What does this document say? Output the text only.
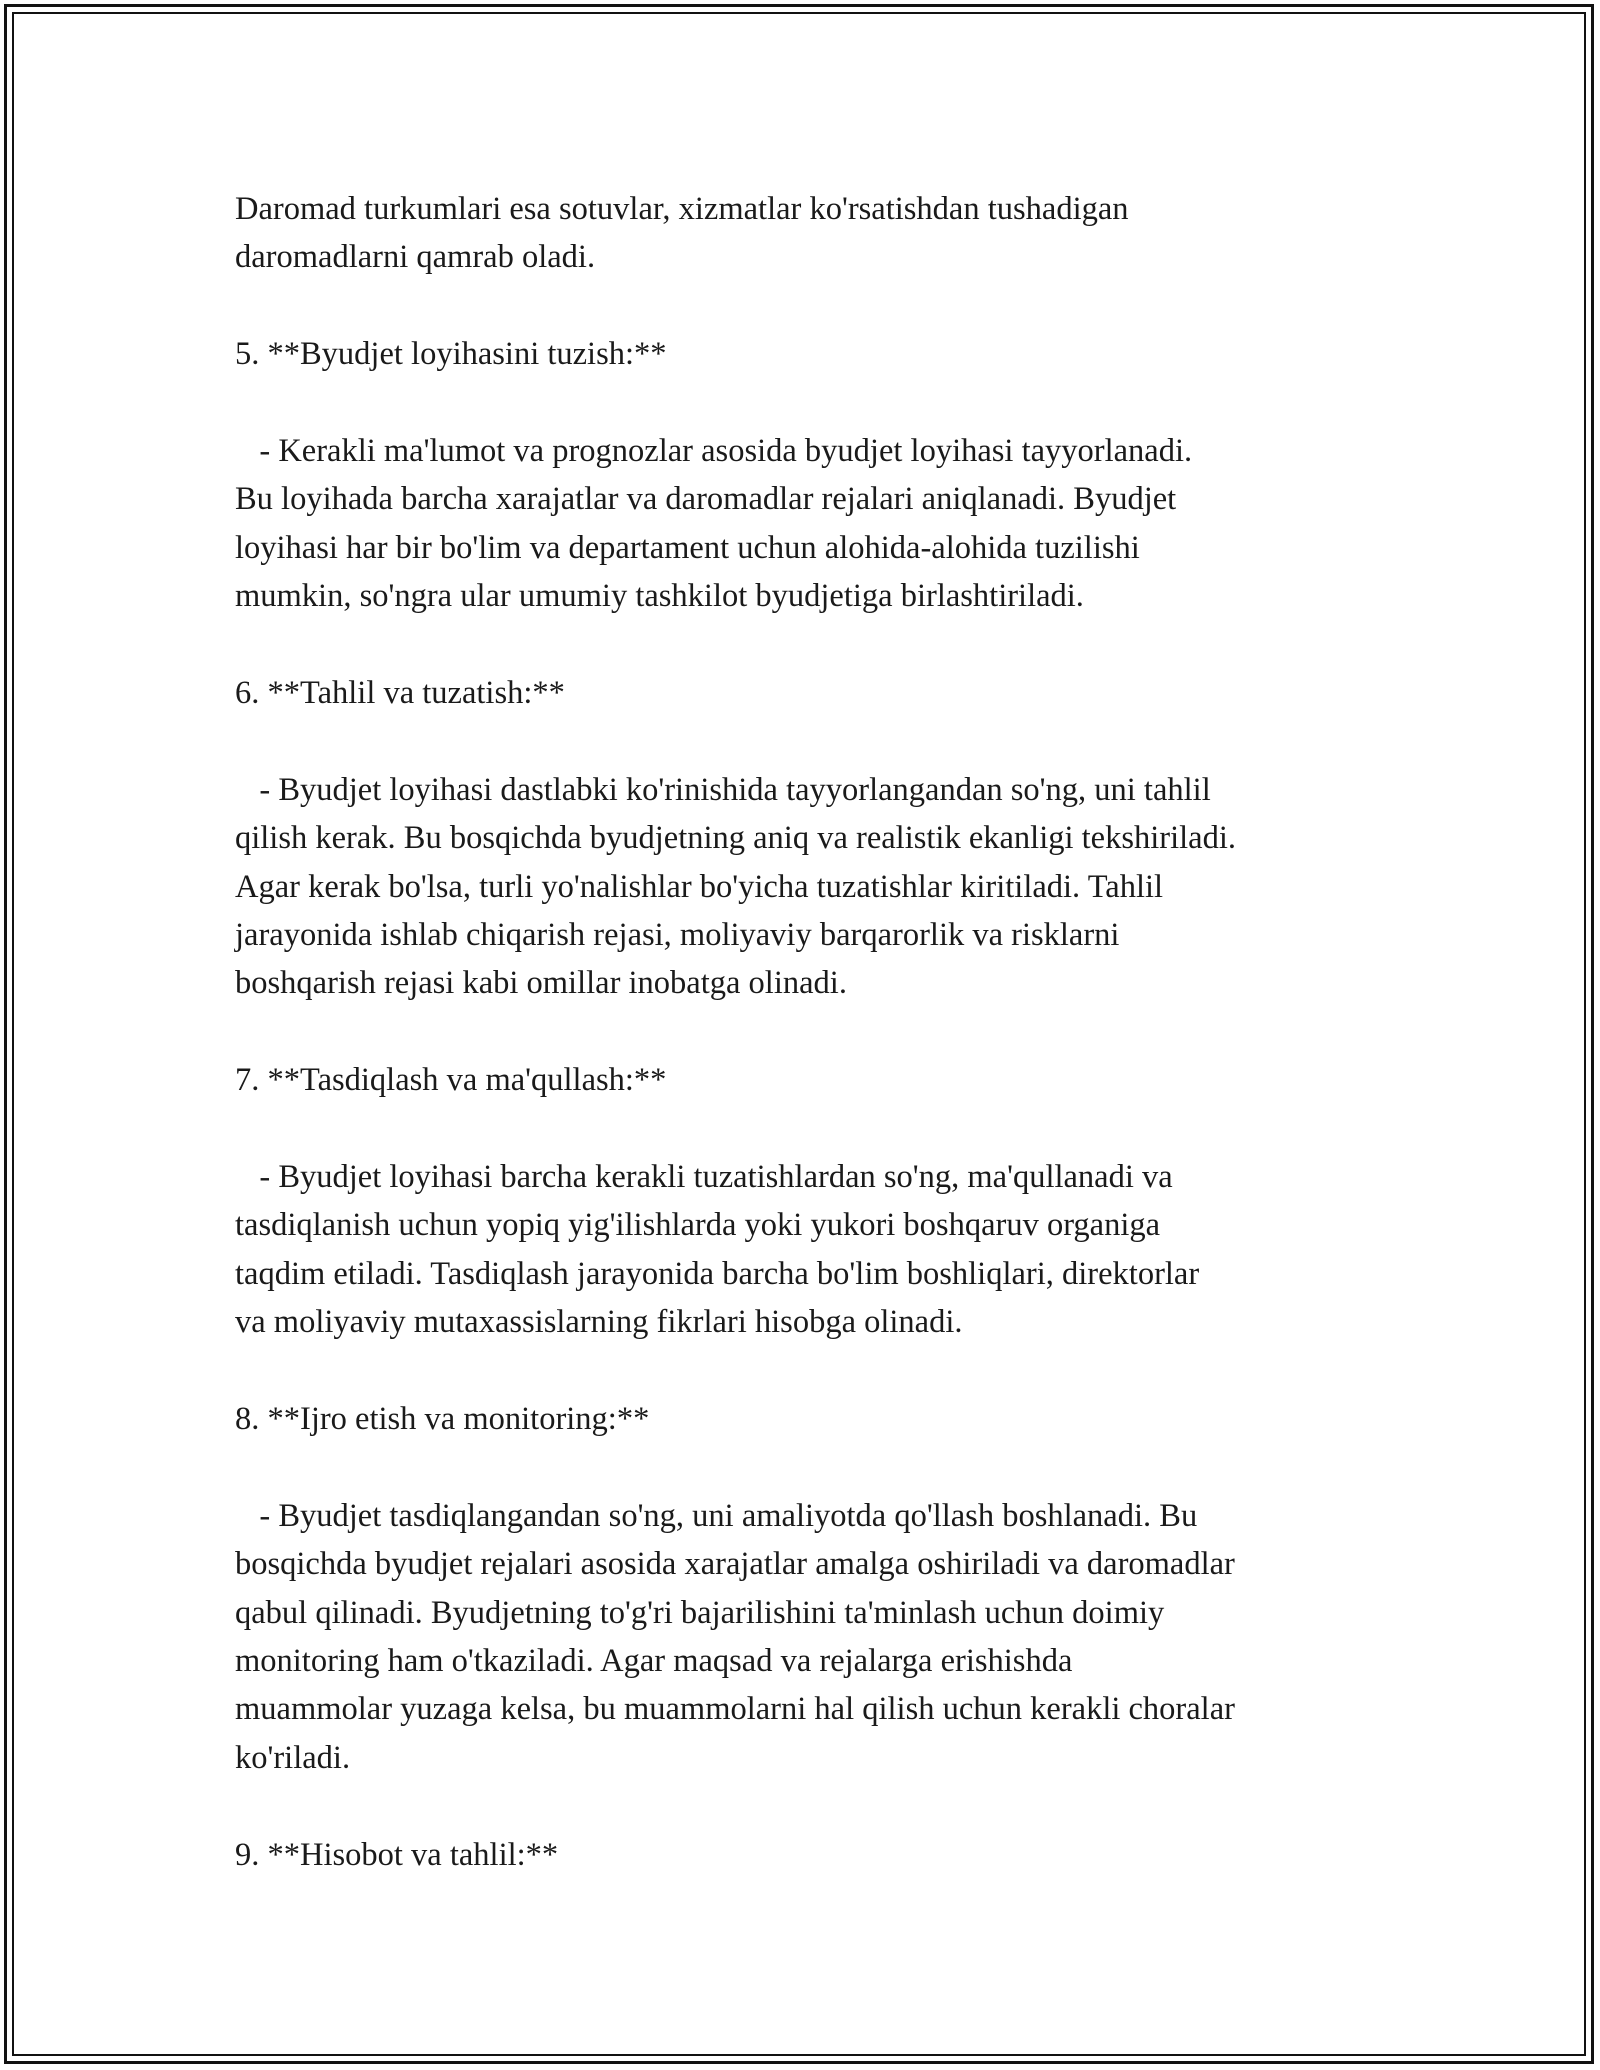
Daromad turkumlari esa sotuvlar, xizmatlar ko'rsatishdan tushadigan
daromadlarni qamrab oladi.

5. **Byudjet loyihasini tuzish:**

- Kerakli ma'lumot va prognozlar asosida byudjet loyihasi tayyorlanadi.
Bu loyihada barcha xarajatlar va daromadlar rejalari aniqlanadi. Byudjet
loyihasi har bir bo'lim va departament uchun alohida-alohida tuzilishi
mumkin, so'ngra ular umumiy tashkilot byudjetiga birlashtiriladi.

6. **Tahlil va tuzatish:**

- Byudjet loyihasi dastlabki ko'rinishida tayyorlangandan so'ng, uni tahlil
qilish kerak. Bu bosqichda byudjetning aniq va realistik ekanligi tekshiriladi.
Agar kerak bo'lsa, turli yo'nalishlar bo'yicha tuzatishlar kiritiladi. Tahlil
jarayonida ishlab chiqarish rejasi, moliyaviy barqarorlik va risklarni
boshqarish rejasi kabi omillar inobatga olinadi.

7. **Tasdiqlash va ma'qullash:**

- Byudjet loyihasi barcha kerakli tuzatishlardan so'ng, ma'qullanadi va
tasdiqlanish uchun yopiq yig'ilishlarda yoki yukori boshqaruv organiga
taqdim etiladi. Tasdiqlash jarayonida barcha bo'lim boshliqlari, direktorlar
va moliyaviy mutaxassislarning fikrlari hisobga olinadi.

8. **Ijro etish va monitoring:**

- Byudjet tasdiqlangandan so'ng, uni amaliyotda qo'llash boshlanadi. Bu
bosqichda byudjet rejalari asosida xarajatlar amalga oshiriladi va daromadlar
qabul qilinadi. Byudjetning to'g'ri bajarilishini ta'minlash uchun doimiy
monitoring ham o'tkaziladi. Agar maqsad va rejalarga erishishda
muammolar yuzaga kelsa, bu muammolarni hal qilish uchun kerakli choralar
ko'riladi.

9. **Hisobot va tahlil:**
